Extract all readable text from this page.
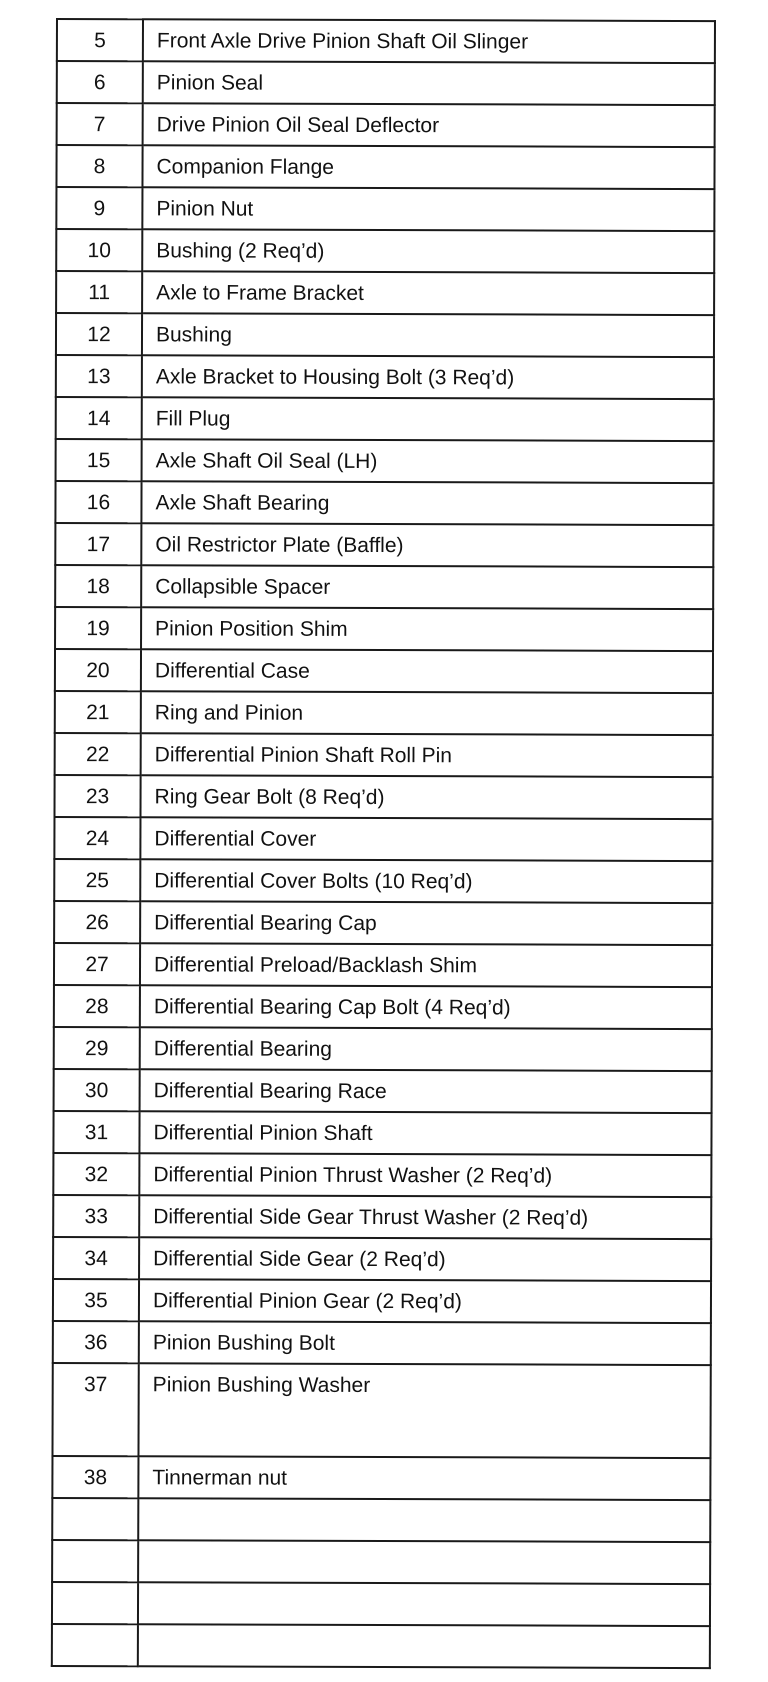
5	Front Axle Drive Pinion Shaft Oil Slinger
6	Pinion Seal
7	Drive Pinion Oil Seal Deflector
8	Companion Flange
9	Pinion Nut
10	Bushing (2 Req’d)
11	Axle to Frame Bracket
12	Bushing
13	Axle Bracket to Housing Bolt (3 Req’d)
14	Fill Plug
15	Axle Shaft Oil Seal (LH)
16	Axle Shaft Bearing
17	Oil Restrictor Plate (Baffle)
18	Collapsible Spacer
19	Pinion Position Shim
20	Differential Case
21	Ring and Pinion
22	Differential Pinion Shaft Roll Pin
23	Ring Gear Bolt (8 Req’d)
24	Differential Cover
25	Differential Cover Bolts (10 Req’d)
26	Differential Bearing Cap
27	Differential Preload/Backlash Shim
28	Differential Bearing Cap Bolt (4 Req’d)
29	Differential Bearing
30	Differential Bearing Race
31	Differential Pinion Shaft
32	Differential Pinion Thrust Washer (2 Req’d)
33	Differential Side Gear Thrust Washer (2 Req’d)
34	Differential Side Gear (2 Req’d)
35	Differential Pinion Gear (2 Req’d)
36	Pinion Bushing Bolt
37	Pinion Bushing Washer
38	Tinnerman nut
